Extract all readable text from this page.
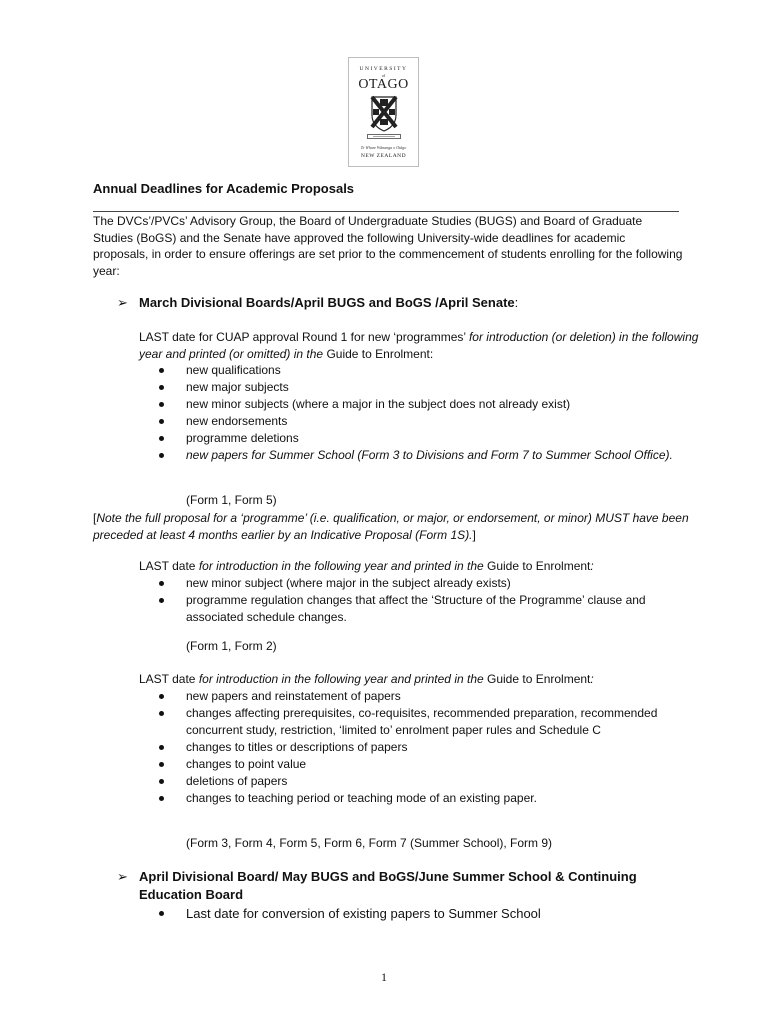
UNIVERSITY
of
OTAGO
Te Whare Wānanga o Otāgo
NEW ZEALAND
Annual Deadlines for Academic Proposals
The DVCs’/PVCs’ Advisory Group, the Board of Undergraduate Studies (BUGS) and Board of Graduate Studies (BoGS) and the Senate have approved the following University-wide deadlines for academic proposals, in order to ensure offerings are set prior to the commencement of students enrolling for the following year:
➢ March Divisional Boards/April BUGS and BoGS /April Senate:
LAST date for CUAP approval Round 1 for new ‘programmes’ for introduction (or deletion) in the following year and printed (or omitted) in the Guide to Enrolment:
new qualifications
new major subjects
new minor subjects (where a major in the subject does not already exist)
new endorsements
programme deletions
new papers for Summer School (Form 3 to Divisions and Form 7 to Summer School Office).
(Form 1, Form 5)
[Note the full proposal for a ‘programme’ (i.e. qualification, or major, or endorsement, or minor) MUST have been preceded at least 4 months earlier by an Indicative Proposal (Form 1S).]
LAST date for introduction in the following year and printed in the Guide to Enrolment:
new minor subject (where major in the subject already exists)
programme regulation changes that affect the ‘Structure of the Programme’ clause and associated schedule changes.
(Form 1, Form 2)
LAST date for introduction in the following year and printed in the Guide to Enrolment:
new papers and reinstatement of papers
changes affecting prerequisites, co-requisites, recommended preparation, recommended concurrent study, restriction, ‘limited to’ enrolment paper rules and Schedule C
changes to titles or descriptions of papers
changes to point value
deletions of papers
changes to teaching period or teaching mode of an existing paper.
(Form 3, Form 4, Form 5, Form 6, Form 7 (Summer School), Form 9)
➢ April Divisional Board/ May BUGS and BoGS/June Summer School & Continuing Education Board
Last date for conversion of existing papers to Summer School
1
